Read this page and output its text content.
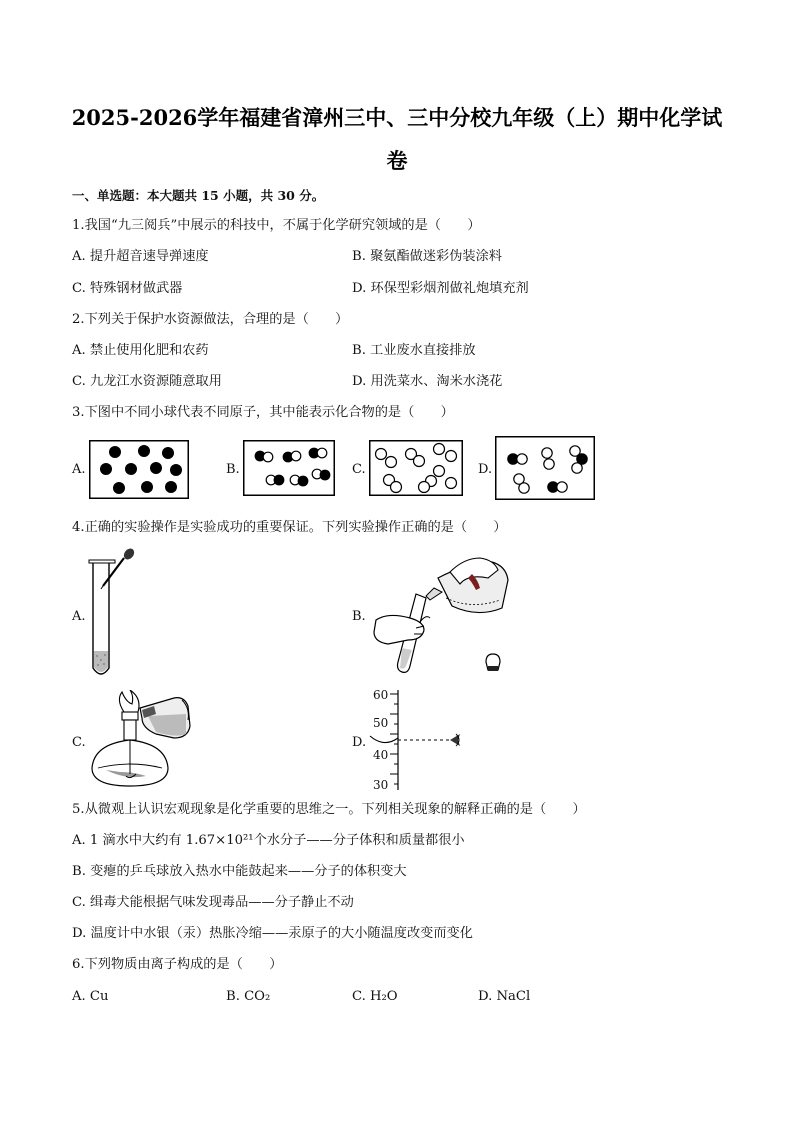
2025-2026学年福建省漳州三中、三中分校九年级（上）期中化学试
卷
一、单选题：本大题共 15 小题，共 30 分。
1.我国“九三阅兵”中展示的科技中，不属于化学研究领域的是（　　）
A. 提升超音速导弹速度	B. 聚氨酯做迷彩伪装涂料
C. 特殊钢材做武器	D. 环保型彩烟剂做礼炮填充剂
2.下列关于保护水资源做法，合理的是（　　）
A. 禁止使用化肥和农药	B. 工业废水直接排放
C. 九龙江水资源随意取用	D. 用洗菜水、淘米水浇花
3.下图中不同小球代表不同原子，其中能表示化合物的是（　　）
A.	B.	C.	D.
4.正确的实验操作是实验成功的重要保证。下列实验操作正确的是（　　）
A.	B.
C.	D.
60
50
40
30
5.从微观上认识宏观现象是化学重要的思维之一。下列相关现象的解释正确的是（　　）
A. 1 滴水中大约有 1.67×10²¹个水分子——分子体积和质量都很小
B. 变瘪的乒乓球放入热水中能鼓起来——分子的体积变大
C. 缉毒犬能根据气味发现毒品——分子静止不动
D. 温度计中水银（汞）热胀冷缩——汞原子的大小随温度改变而变化
6.下列物质由离子构成的是（　　）
A. Cu	B. CO₂	C. H₂O	D. NaCl
